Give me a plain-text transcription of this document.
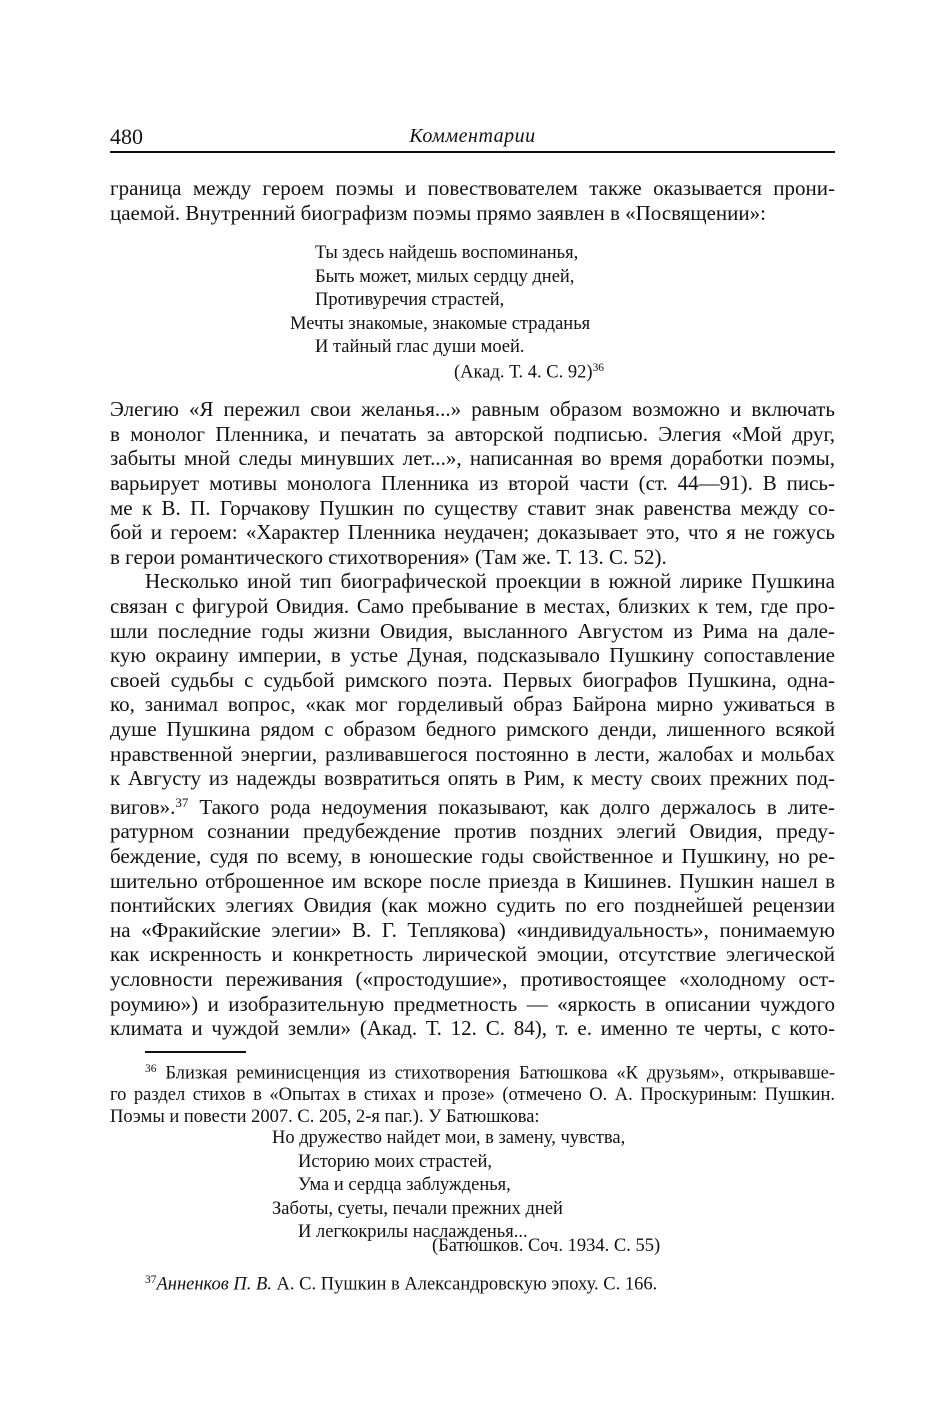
480	Комментарии
граница между героем поэмы и повествователем также оказывается прони-
цаемой. Внутренний биографизм поэмы прямо заявлен в «Посвящении»:
Элегию «Я пережил свои желанья...» равным образом возможно и включать
в монолог Пленника, и печатать за авторской подписью. Элегия «Мой друг,
забыты мной следы минувших лет...», написанная во время доработки поэмы,
варьирует мотивы монолога Пленника из второй части (ст. 44—91). В пись-
ме к В. П. Горчакову Пушкин по существу ставит знак равенства между со-
бой и героем: «Характер Пленника неудачен; доказывает это, что я не гожусь
в герои романтического стихотворения» (Там же. Т. 13. С. 52).
Несколько иной тип биографической проекции в южной лирике Пушкина
связан с фигурой Овидия. Само пребывание в местах, близких к тем, где про-
шли последние годы жизни Овидия, высланного Августом из Рима на дале-
кую окраину империи, в устье Дуная, подсказывало Пушкину сопоставление
своей судьбы с судьбой римского поэта. Первых биографов Пушкина, одна-
ко, занимал вопрос, «как мог горделивый образ Байрона мирно уживаться в
душе Пушкина рядом с образом бедного римского денди, лишенного всякой
нравственной энергии, разливавшегося постоянно в лести, жалобах и мольбах
к Августу из надежды возвратиться опять в Рим, к месту своих прежних под-
вигов».$^{37}$ Такого рода недоумения показывают, как долго держалось в лите-
ратурном сознании предубеждение против поздних элегий Овидия, преду-
беждение, судя по всему, в юношеские годы свойственное и Пушкину, но ре-
шительно отброшенное им вскоре после приезда в Кишинев. Пушкин нашел в
понтийских элегиях Овидия (как можно судить по его позднейшей рецензии
на «Фракийские элегии» В. Г. Теплякова) «индивидуальность», понимаемую
как искренность и конкретность лирической эмоции, отсутствие элегической
условности переживания («простодушие», противостоящее «холодному ост-
роумию») и изобразительную предметность — «яркость в описании чуждого
климата и чуждой земли» (Акад. Т. 12. С. 84), т. е. именно те черты, с кото-
Ты здесь найдешь воспоминанья,
Быть может, милых сердцу дней,
Противуречия страстей,
Мечты знакомые, знакомые страданья
И тайный глас души моей.
(Акад. Т. 4. С. 92)$^{36}$
$^{36}$ Близкая реминисценция из стихотворения Батюшкова «К друзьям», открывавше-
го раздел стихов в «Опытах в стихах и прозе» (отмечено О. А. Проскуриным: Пушкин.
Поэмы и повести 2007. С. 205, 2-я паг.). У Батюшкова:
Но дружество найдет мои, в замену, чувства,
Историю моих страстей,
Ума и сердца заблужденья,
Заботы, суеты, печали прежних дней
И легкокрилы наслажденья...
(Батюшков. Соч. 1934. С. 55)
$^{37}$Анненков П. В. А. С. Пушкин в Александровскую эпоху. С. 166.
